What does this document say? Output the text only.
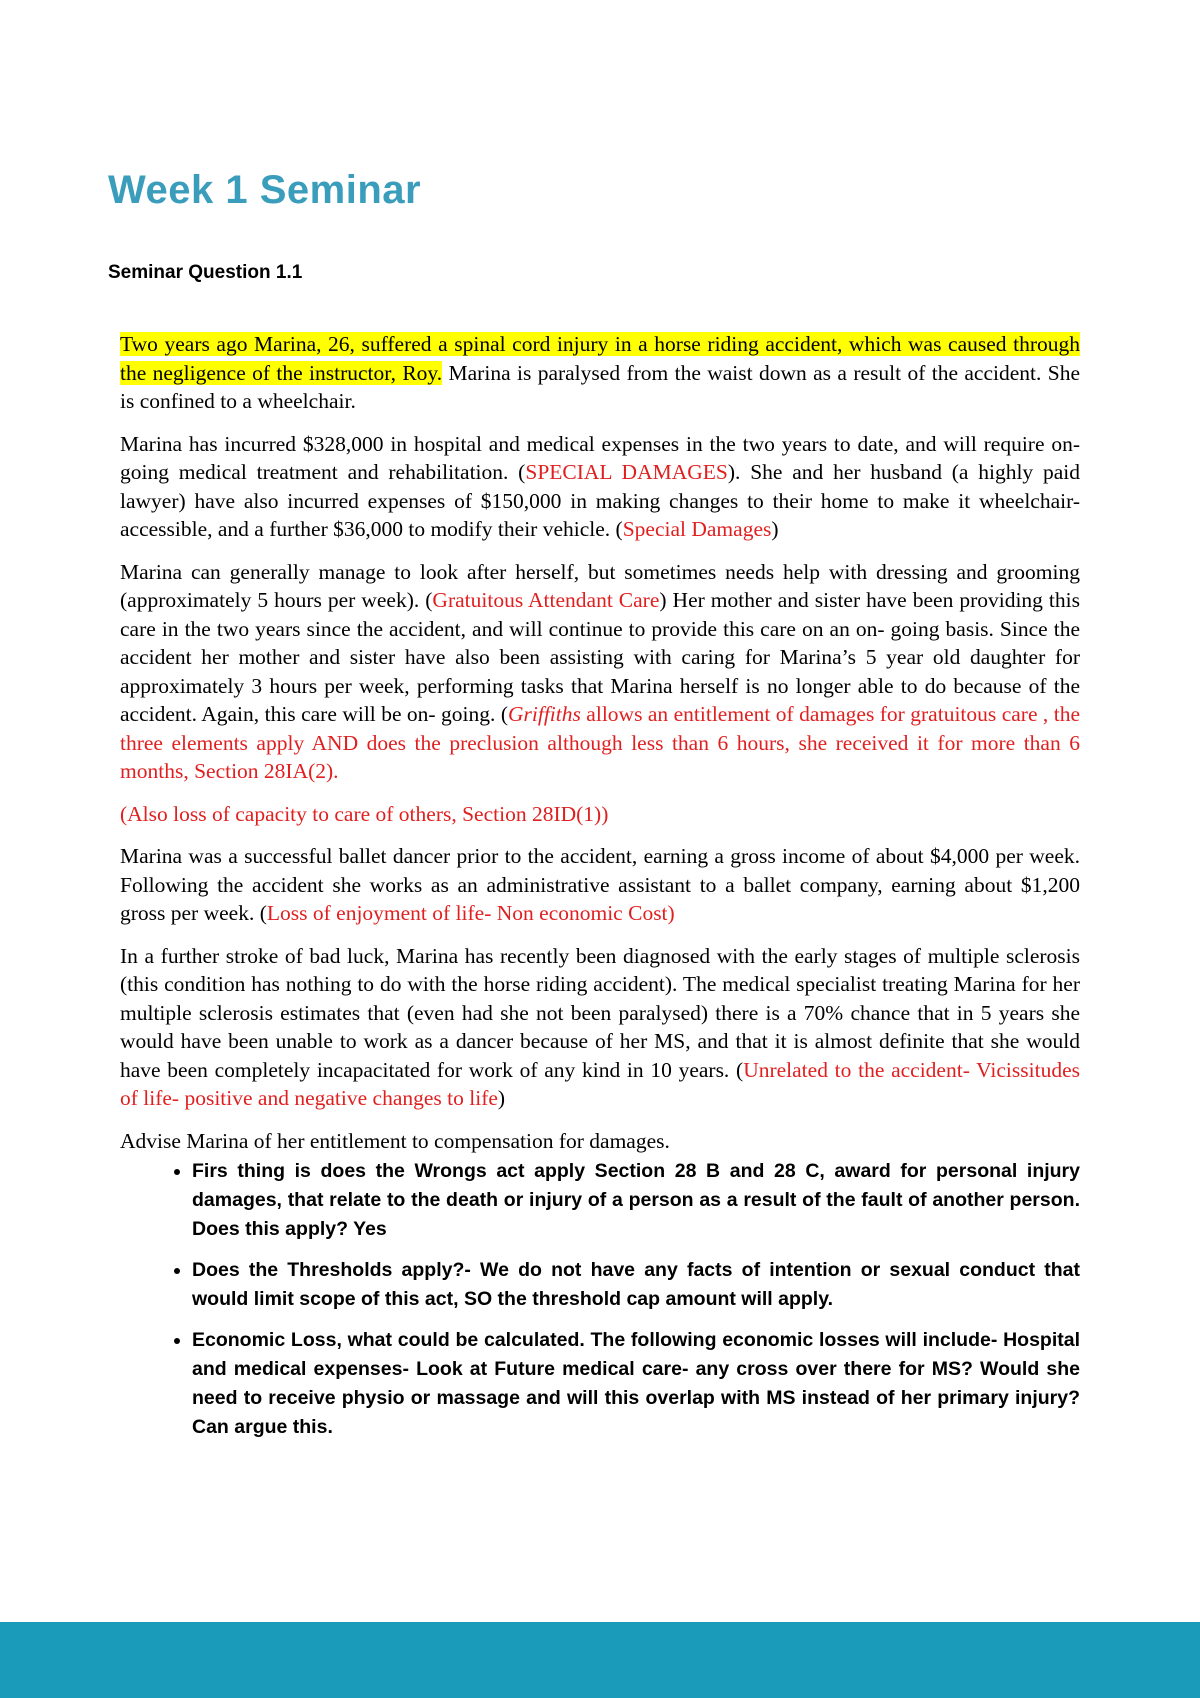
Week 1 Seminar
Seminar Question 1.1

Two years ago Marina, 26, suffered a spinal cord injury in a horse riding accident, which was caused through the negligence of the instructor, Roy. Marina is paralysed from the waist down as a result of the accident. She is confined to a wheelchair.

Marina has incurred $328,000 in hospital and medical expenses in the two years to date, and will require on-going medical treatment and rehabilitation. (SPECIAL DAMAGES). She and her husband (a highly paid lawyer) have also incurred expenses of $150,000 in making changes to their home to make it wheelchair-accessible, and a further $36,000 to modify their vehicle. (Special Damages)

Marina can generally manage to look after herself, but sometimes needs help with dressing and grooming (approximately 5 hours per week). (Gratuitous Attendant Care) Her mother and sister have been providing this care in the two years since the accident, and will continue to provide this care on an on- going basis. Since the accident her mother and sister have also been assisting with caring for Marina’s 5 year old daughter for approximately 3 hours per week, performing tasks that Marina herself is no longer able to do because of the accident. Again, this care will be on- going. (Griffiths allows an entitlement of damages for gratuitous care , the three elements apply AND does the preclusion although less than 6 hours, she received it for more than 6 months, Section 28IA(2).

(Also loss of capacity to care of others, Section 28ID(1))

Marina was a successful ballet dancer prior to the accident, earning a gross income of about $4,000 per week. Following the accident she works as an administrative assistant to a ballet company, earning about $1,200 gross per week. (Loss of enjoyment of life- Non economic Cost)

In a further stroke of bad luck, Marina has recently been diagnosed with the early stages of multiple sclerosis (this condition has nothing to do with the horse riding accident). The medical specialist treating Marina for her multiple sclerosis estimates that (even had she not been paralysed) there is a 70% chance that in 5 years she would have been unable to work as a dancer because of her MS, and that it is almost definite that she would have been completely incapacitated for work of any kind in 10 years. (Unrelated to the accident- Vicissitudes of life- positive and negative changes to life)

Advise Marina of her entitlement to compensation for damages.

• Firs thing is does the Wrongs act apply Section 28 B and 28 C, award for personal injury damages, that relate to the death or injury of a person as a result of the fault of another person. Does this apply? Yes
• Does the Thresholds apply?- We do not have any facts of intention or sexual conduct that would limit scope of this act, SO the threshold cap amount will apply.
• Economic Loss, what could be calculated. The following economic losses will include- Hospital and medical expenses- Look at Future medical care- any cross over there for MS? Would she need to receive physio or massage and will this overlap with MS instead of her primary injury? Can argue this.
